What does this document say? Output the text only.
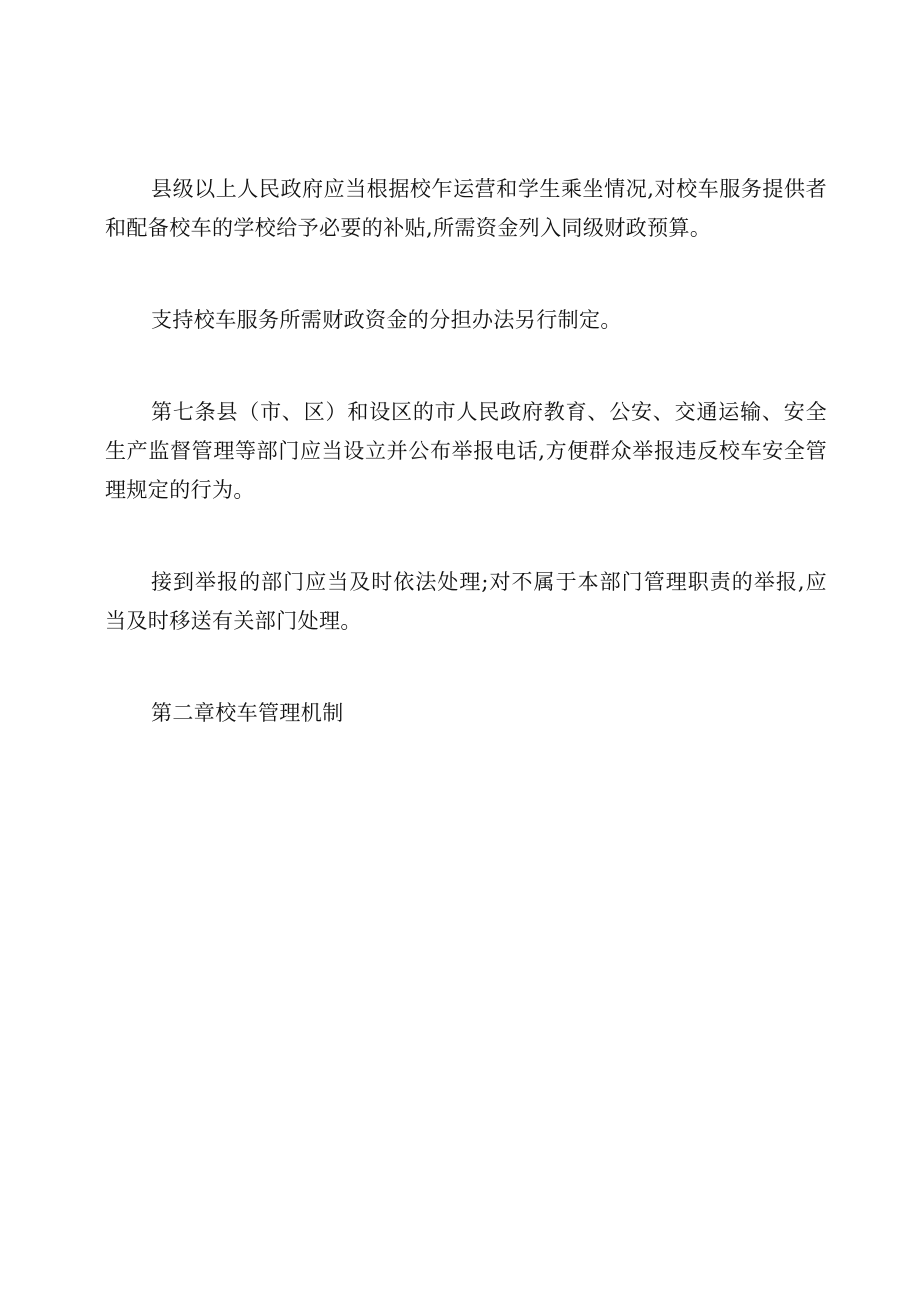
县级以上人民政府应当根据校乍运营和学生乘坐情况,对校车服务提供者和配备校车的学校给予必要的补贴,所需资金列入同级财政预算。

支持校车服务所需财政资金的分担办法另行制定。

第七条县（市、区）和设区的市人民政府教育、公安、交通运输、安全生产监督管理等部门应当设立并公布举报电话,方便群众举报违反校车安全管理规定的行为。

接到举报的部门应当及时依法处理;对不属于本部门管理职责的举报,应当及时移送有关部门处理。

第二章校车管理机制
